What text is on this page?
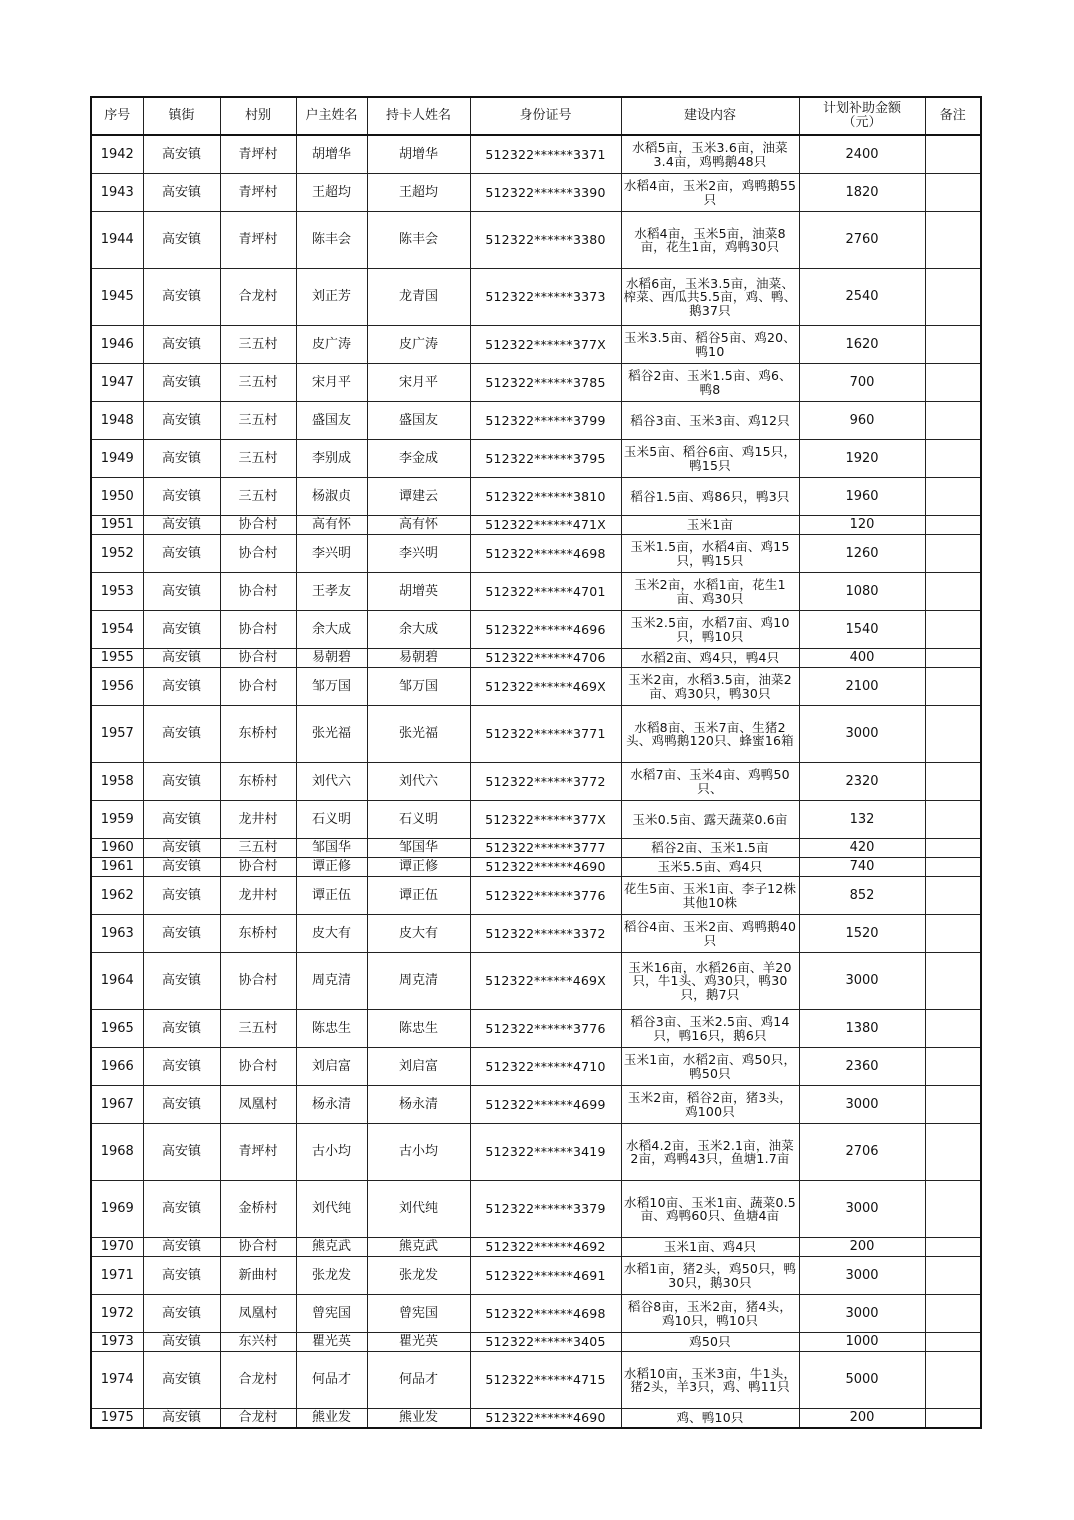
序号	镇街	村别	户主姓名	持卡人姓名	身份证号	建设内容	计划补助金额（元）	备注
1942	高安镇	青坪村	胡增华	胡增华	512322******3371	水稻5亩，玉米3.6亩，油菜3.4亩，鸡鸭鹅48只	2400	
1943	高安镇	青坪村	王超均	王超均	512322******3390	水稻4亩，玉米2亩，鸡鸭鹅55只	1820	
1944	高安镇	青坪村	陈丰会	陈丰会	512322******3380	水稻4亩，玉米5亩，油菜8亩，花生1亩，鸡鸭30只	2760	
1945	高安镇	合龙村	刘正芳	龙青国	512322******3373	水稻6亩，玉米3.5亩，油菜、榨菜、西瓜共5.5亩，鸡、鸭、鹅37只	2540	
1946	高安镇	三五村	皮广涛	皮广涛	512322******377X	玉米3.5亩、稻谷5亩、鸡20、鸭10	1620	
1947	高安镇	三五村	宋月平	宋月平	512322******3785	稻谷2亩、玉米1.5亩、鸡6、鸭8	700	
1948	高安镇	三五村	盛国友	盛国友	512322******3799	稻谷3亩、玉米3亩、鸡12只	960	
1949	高安镇	三五村	李别成	李金成	512322******3795	玉米5亩、稻谷6亩、鸡15只，鸭15只	1920	
1950	高安镇	三五村	杨淑贞	谭建云	512322******3810	稻谷1.5亩、鸡86只，鸭3只	1960	
1951	高安镇	协合村	高有怀	高有怀	512322******471X	玉米1亩	120	
1952	高安镇	协合村	李兴明	李兴明	512322******4698	玉米1.5亩，水稻4亩、鸡15只，鸭15只	1260	
1953	高安镇	协合村	王孝友	胡增英	512322******4701	玉米2亩，水稻1亩，花生1亩、鸡30只	1080	
1954	高安镇	协合村	余大成	余大成	512322******4696	玉米2.5亩，水稻7亩、鸡10只，鸭10只	1540	
1955	高安镇	协合村	易朝碧	易朝碧	512322******4706	水稻2亩、鸡4只，鸭4只	400	
1956	高安镇	协合村	邹万国	邹万国	512322******469X	玉米2亩，水稻3.5亩，油菜2亩、鸡30只，鸭30只	2100	
1957	高安镇	东桥村	张光福	张光福	512322******3771	水稻8亩、玉米7亩、生猪2头、鸡鸭鹅120只、蜂蜜16箱	3000	
1958	高安镇	东桥村	刘代六	刘代六	512322******3772	水稻7亩、玉米4亩、鸡鸭50只、	2320	
1959	高安镇	龙井村	石义明	石义明	512322******377X	玉米0.5亩、露天蔬菜0.6亩	132	
1960	高安镇	三五村	邹国华	邹国华	512322******3777	稻谷2亩、玉米1.5亩	420	
1961	高安镇	协合村	谭正修	谭正修	512322******4690	玉米5.5亩、鸡4只	740	
1962	高安镇	龙井村	谭正伍	谭正伍	512322******3776	花生5亩、玉米1亩、李子12株其他10株	852	
1963	高安镇	东桥村	皮大有	皮大有	512322******3372	稻谷4亩、玉米2亩、鸡鸭鹅40只	1520	
1964	高安镇	协合村	周克清	周克清	512322******469X	玉米16亩，水稻26亩、羊20只，牛1头、鸡30只，鸭30只，鹅7只	3000	
1965	高安镇	三五村	陈忠生	陈忠生	512322******3776	稻谷3亩、玉米2.5亩、鸡14只，鸭16只，鹅6只	1380	
1966	高安镇	协合村	刘启富	刘启富	512322******4710	玉米1亩，水稻2亩、鸡50只，鸭50只	2360	
1967	高安镇	凤凰村	杨永清	杨永清	512322******4699	玉米2亩，稻谷2亩，猪3头，鸡100只	3000	
1968	高安镇	青坪村	古小均	古小均	512322******3419	水稻4.2亩，玉米2.1亩，油菜2亩，鸡鸭43只，鱼塘1.7亩	2706	
1969	高安镇	金桥村	刘代纯	刘代纯	512322******3379	水稻10亩、玉米1亩、蔬菜0.5亩、鸡鸭60只、鱼塘4亩	3000	
1970	高安镇	协合村	熊克武	熊克武	512322******4692	玉米1亩、鸡4只	200	
1971	高安镇	新曲村	张龙发	张龙发	512322******4691	水稻1亩，猪2头，鸡50只，鸭30只，鹅30只	3000	
1972	高安镇	凤凰村	曾宪国	曾宪国	512322******4698	稻谷8亩，玉米2亩，猪4头，鸡10只，鸭10只	3000	
1973	高安镇	东兴村	瞿光英	瞿光英	512322******3405	鸡50只	1000	
1974	高安镇	合龙村	何品才	何品才	512322******4715	水稻10亩，玉米3亩，牛1头，猪2头，羊3只，鸡、鸭11只	5000	
1975	高安镇	合龙村	熊业发	熊业发	512322******4690	鸡、鸭10只	200	
